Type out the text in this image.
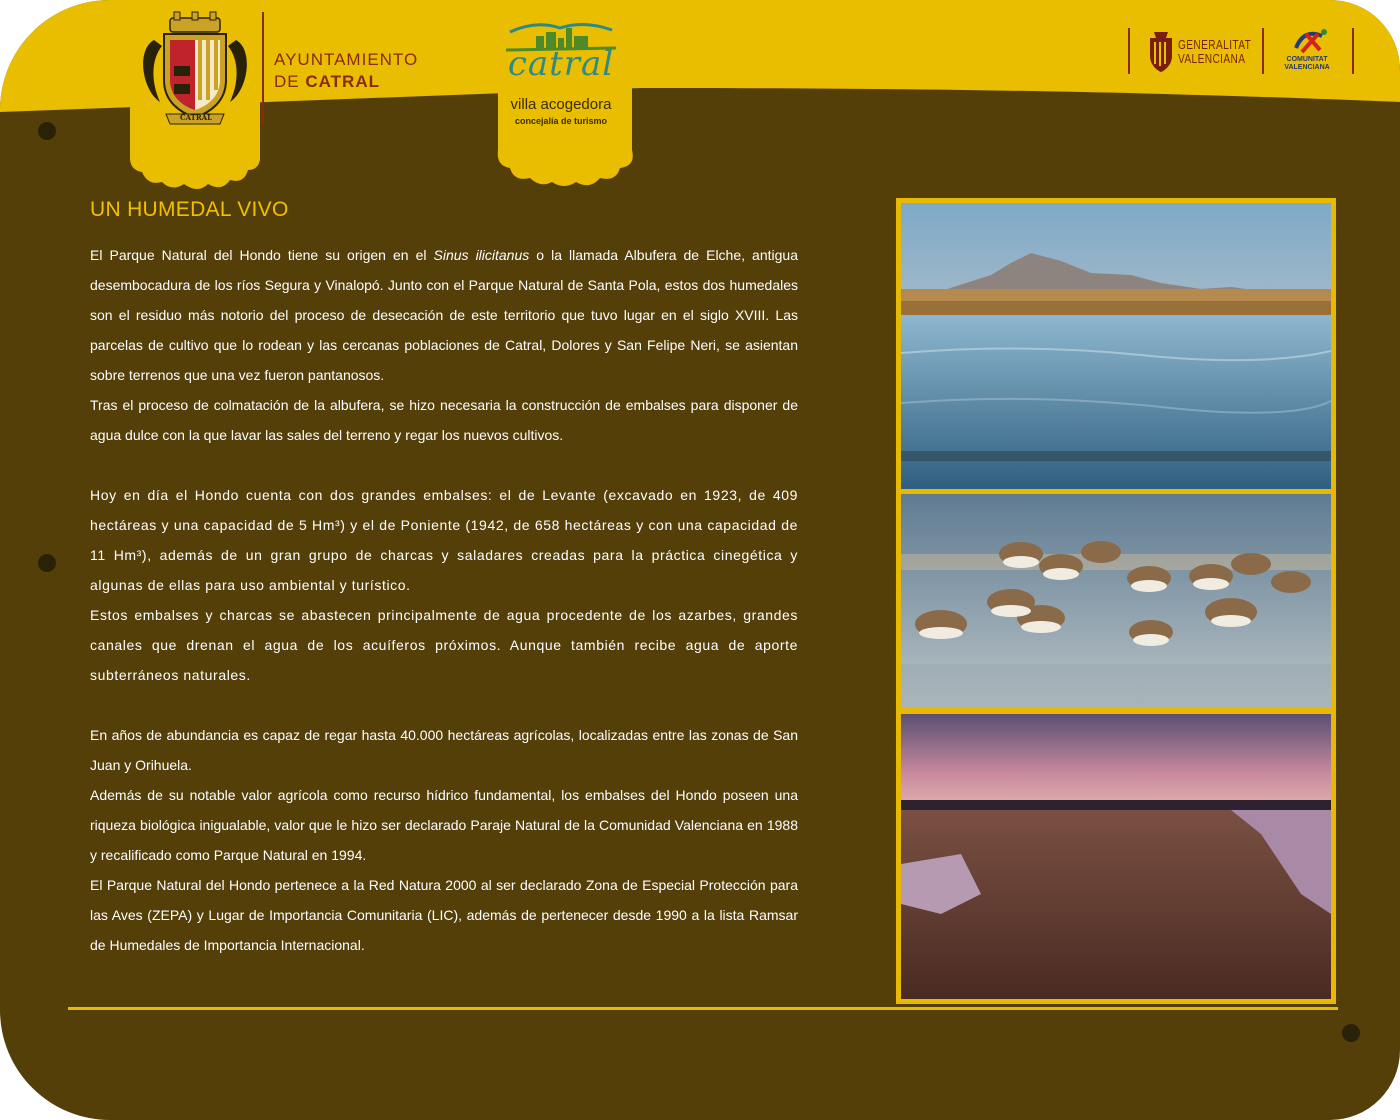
CATRAL
AYUNTAMIENTO
DE CATRAL	catral
villa acogedora
concejalía de turismo
GENERALITAT
VALENCIANA	COMUNITAT
VALENCIANA
UN HUMEDAL VIVO

El Parque Natural del Hondo tiene su origen en el Sinus ilicitanus o la llamada Albufera de Elche, antigua desembocadura de los ríos Segura y Vinalopó. Junto con el Parque Natural de Santa Pola, estos dos humedales son el residuo más notorio del proceso de desecación de este territorio que tuvo lugar en el siglo XVIII. Las parcelas de cultivo que lo rodean y las cercanas poblaciones de Catral, Dolores y San Felipe Neri, se asientan sobre terrenos que una vez fueron pantanosos.

Tras el proceso de colmatación de la albufera, se hizo necesaria la construcción de embalses para disponer de agua dulce con la que lavar las sales del terreno y regar los nuevos cultivos.

Hoy en día el Hondo cuenta con dos grandes embalses: el de Levante (excavado en 1923, de 409 hectáreas y una capacidad de 5 Hm³) y el de Poniente (1942, de 658 hectáreas y con una capacidad de 11 Hm³), además de un gran grupo de charcas y saladares creadas para la práctica cinegética y algunas de ellas para uso ambiental y turístico.

Estos embalses y charcas se abastecen principalmente de agua procedente de los azarbes, grandes canales que drenan el agua de los acuíferos próximos. Aunque también recibe agua de aporte subterráneos naturales.

En años de abundancia es capaz de regar hasta 40.000 hectáreas agrícolas, localizadas entre las zonas de San Juan y Orihuela.

Además de su notable valor agrícola como recurso hídrico fundamental, los embalses del Hondo poseen una riqueza biológica inigualable, valor que le hizo ser declarado Paraje Natural de la Comunidad Valenciana en 1988 y recalificado como Parque Natural en 1994.

El Parque Natural del Hondo pertenece a la Red Natura 2000 al ser declarado Zona de Especial Protección para las Aves (ZEPA) y Lugar de Importancia Comunitaria (LIC), además de pertenecer desde 1990 a la lista Ramsar de Humedales de Importancia Internacional.
